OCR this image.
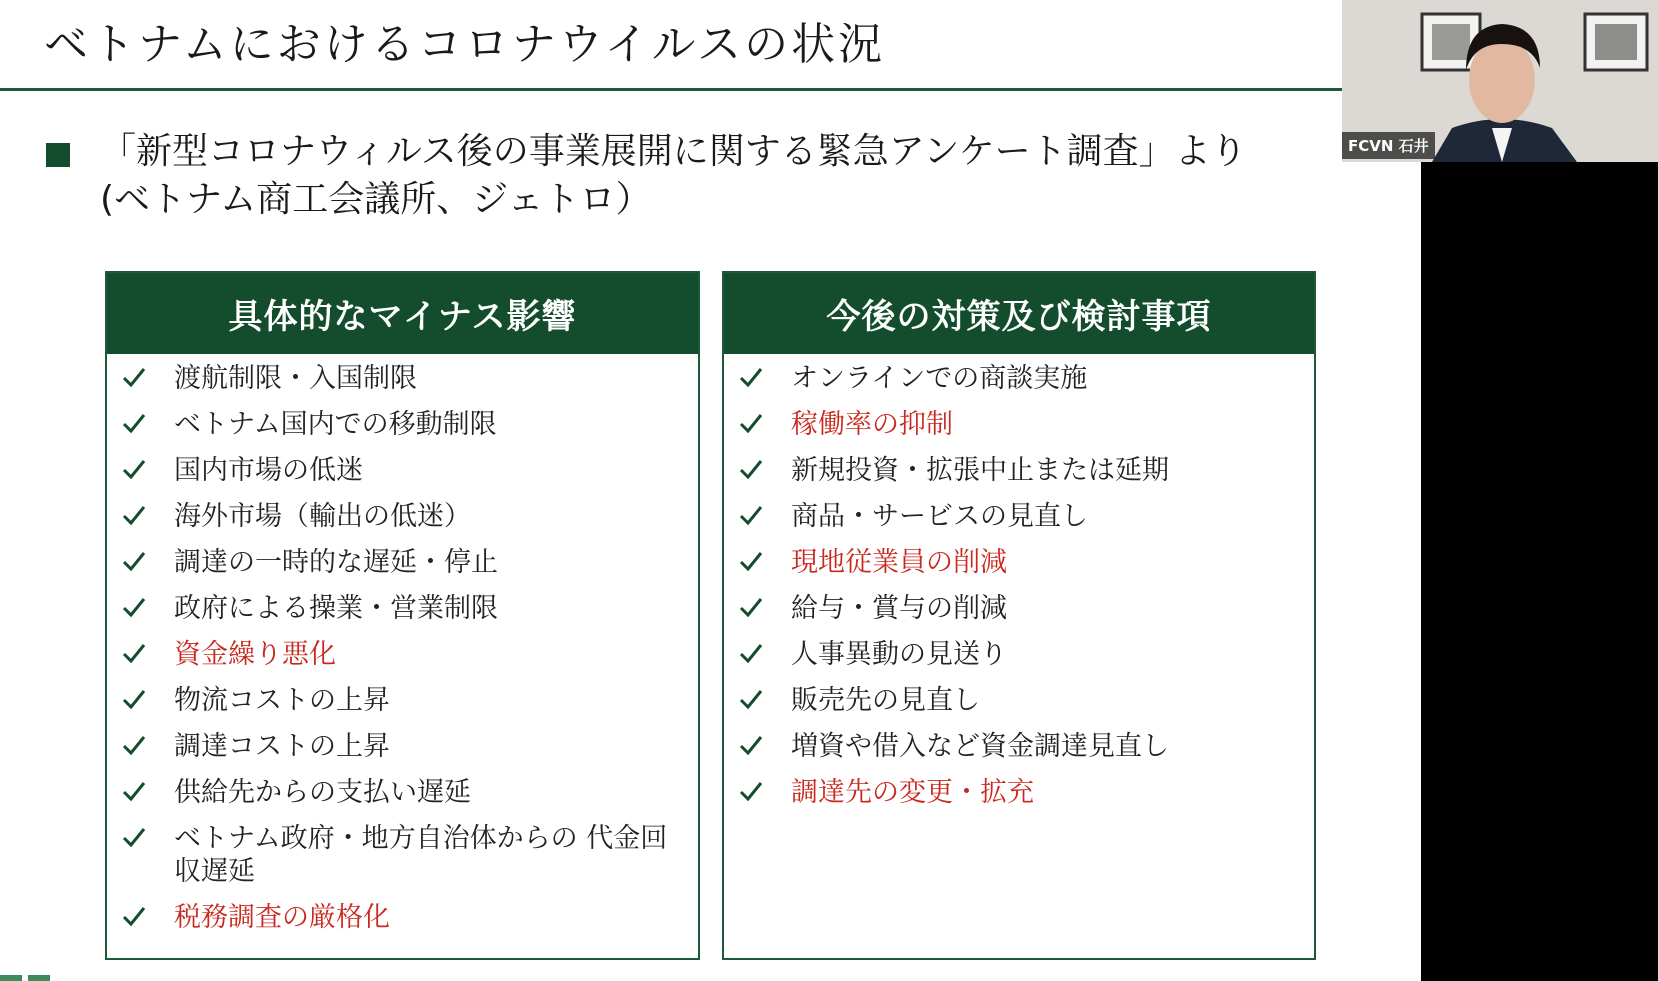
ベトナムにおけるコロナウイルスの状況
「新型コロナウィルス後の事業展開に関する緊急アンケート調査」より
(ベトナム商工会議所、ジェトロ）
具体的なマイナス影響
渡航制限・入国制限
ベトナム国内での移動制限
国内市場の低迷
海外市場（輸出の低迷）
調達の一時的な遅延・停止
政府による操業・営業制限
資金繰り悪化
物流コストの上昇
調達コストの上昇
供給先からの支払い遅延
ベトナム政府・地方自治体からの 代金回収遅延
税務調査の厳格化
今後の対策及び検討事項
オンラインでの商談実施
稼働率の抑制
新規投資・拡張中止または延期
商品・サービスの見直し
現地従業員の削減
給与・賞与の削減
人事異動の見送り
販売先の見直し
増資や借入など資金調達見直し
調達先の変更・拡充
FCVN 石井
